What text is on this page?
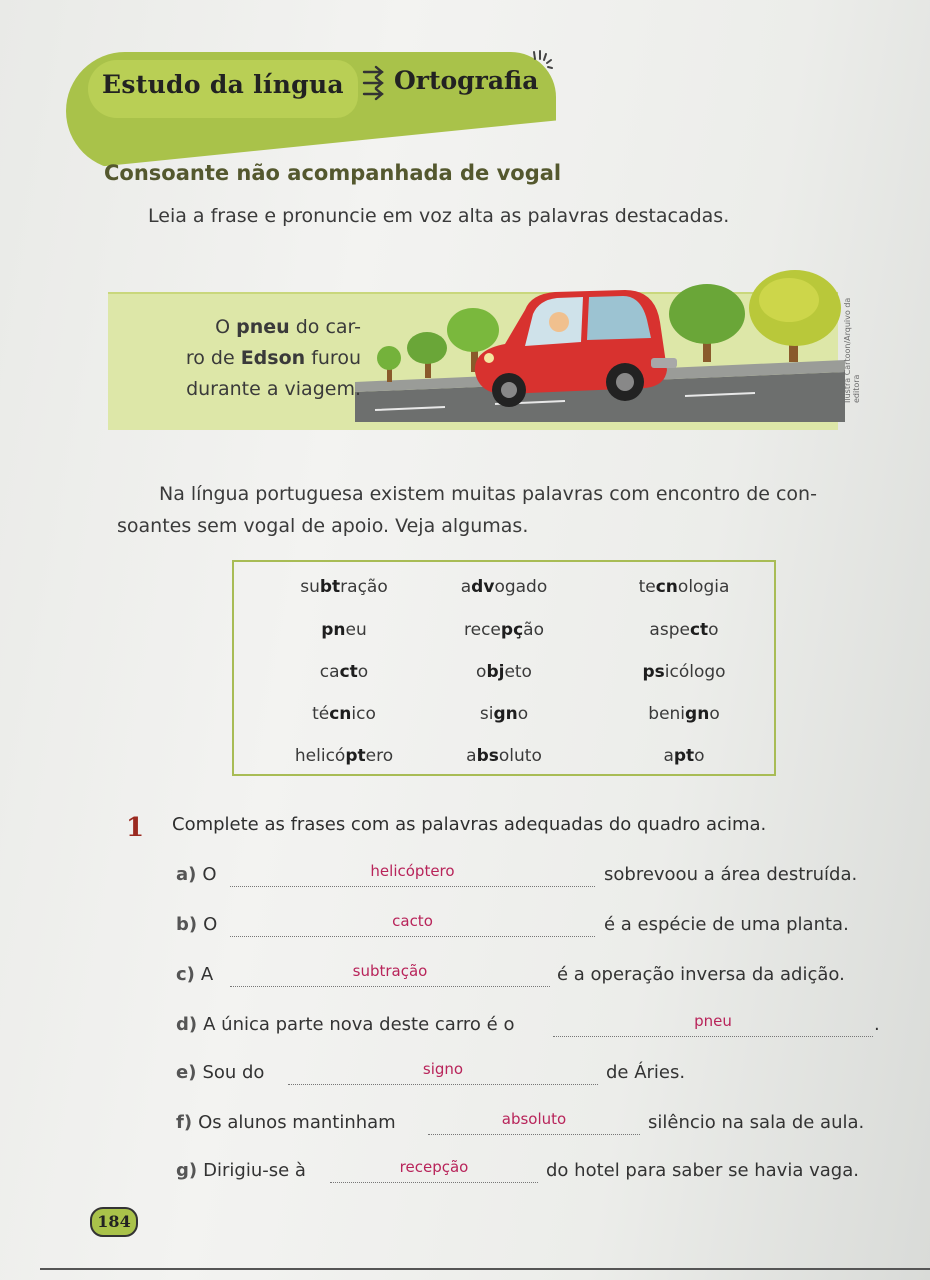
Estudo da língua Ortografia
Consoante não acompanhada de vogal
Leia a frase e pronuncie em voz alta as palavras destacadas.
O pneu do car-
ro de Edson furou
durante a viagem.	Ilustra Cartoon/Arquivo da editora
Na língua portuguesa existem muitas palavras com encontro de con-
soantes sem vogal de apoio. Veja algumas.
subtração	advogado	tecnologia
pneu	recepção	aspecto
cacto	objeto	psicólogo
técnico	signo	benigno
helicóptero	absoluto	apto
1 Complete as frases com as palavras adequadas do quadro acima.
a) O	helicóptero	sobrevoou a área destruída.
b) O	cacto	é a espécie de uma planta.
c) A	subtração	é a operação inversa da adição.
d) A única parte nova deste carro é o	pneu	.
e) Sou do	signo	de Áries.
f) Os alunos mantinham	absoluto	silêncio na sala de aula.
g) Dirigiu-se à	recepção	do hotel para saber se havia vaga.
184
